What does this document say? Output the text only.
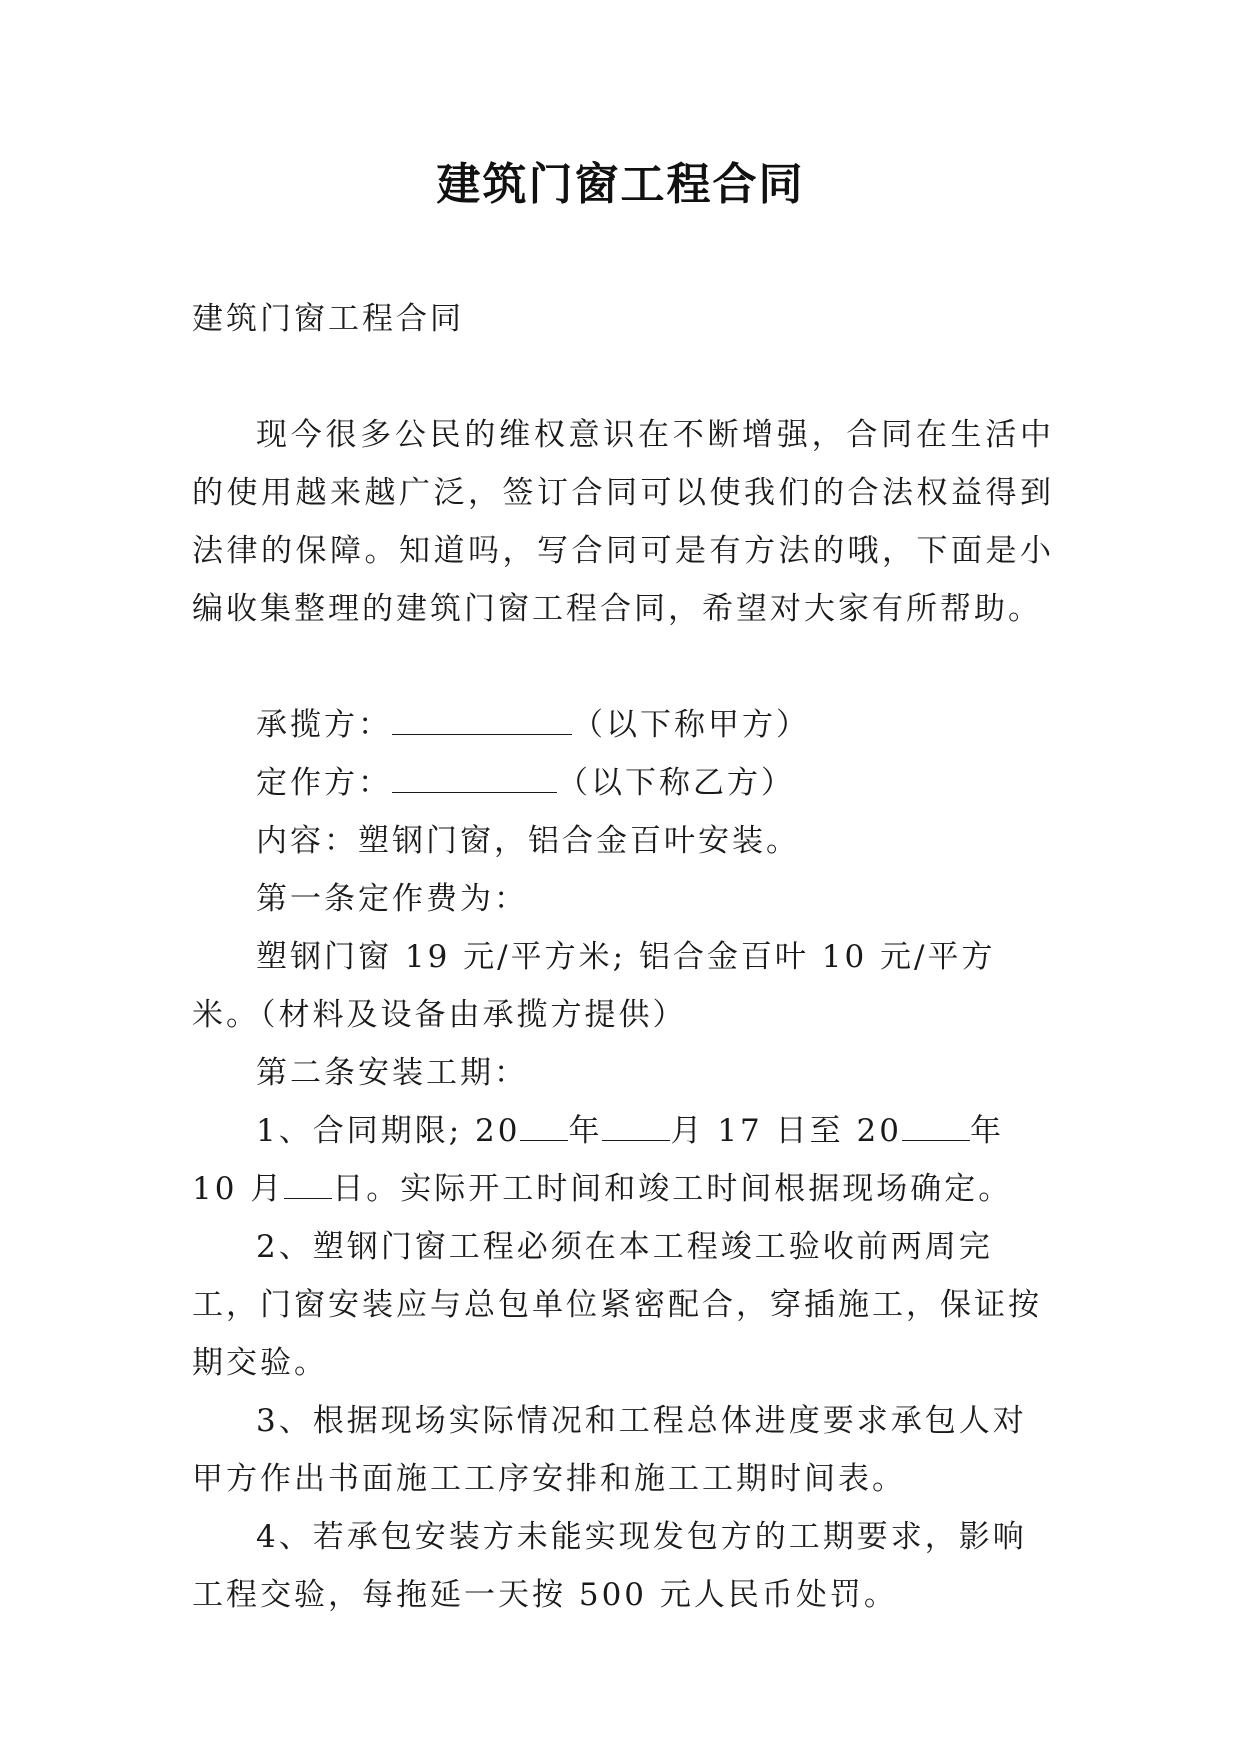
建筑门窗工程合同

建筑门窗工程合同

现今很多公民的维权意识在不断增强，合同在生活中的使用越来越广泛，签订合同可以使我们的合法权益得到法律的保障。知道吗，写合同可是有方法的哦，下面是小编收集整理的建筑门窗工程合同，希望对大家有所帮助。

承揽方：	（以下称甲方）

定作方：	（以下称乙方）

内容：塑钢门窗，铝合金百叶安装。

第一条定作费为：

塑钢门窗 19 元/平方米; 铝合金百叶 10 元/平方米。（材料及设备由承揽方提供）

第二条安装工期：

1、合同期限; 20 年 月 17 日至 20 年 10 月 日。实际开工时间和竣工时间根据现场确定。

2、塑钢门窗工程必须在本工程竣工验收前两周完工，门窗安装应与总包单位紧密配合，穿插施工，保证按期交验。

3、根据现场实际情况和工程总体进度要求承包人对甲方作出书面施工工序安排和施工工期时间表。

4、若承包安装方未能实现发包方的工期要求，影响工程交验，每拖延一天按 500 元人民币处罚。
